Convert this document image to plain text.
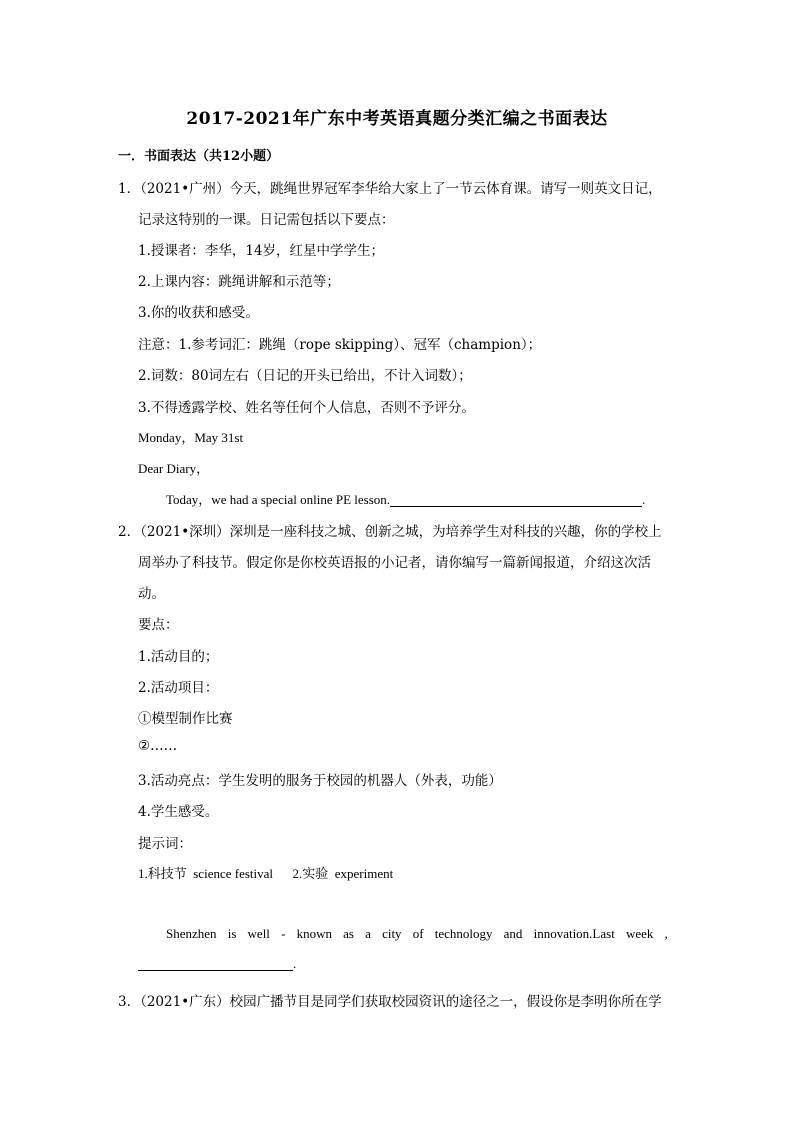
2017-2021年广东中考英语真题分类汇编之书面表达
一．书面表达（共12小题）
1．（2021•广州）今天，跳绳世界冠军李华给大家上了一节云体育课。请写一则英文日记，
记录这特别的一课。日记需包括以下要点：
1.授课者：李华，14岁，红星中学学生；
2.上课内容：跳绳讲解和示范等；
3.你的收获和感受。
注意：1.参考词汇：跳绳（rope skipping）、冠军（champion）；
2.词数：80词左右（日记的开头已给出，不计入词数）；
3.不得透露学校、姓名等任何个人信息，否则不予评分。
Monday，May 31st
Dear Diary，
Today，we had a special online PE lesson.	.
2．（2021•深圳）深圳是一座科技之城、创新之城，为培养学生对科技的兴趣，你的学校上
周举办了科技节。假定你是你校英语报的小记者，请你编写一篇新闻报道，介绍这次活
动。
要点：
1.活动目的；
2.活动项目：
①模型制作比赛
②……
3.活动亮点：学生发明的服务于校园的机器人（外表，功能）
4.学生感受。
提示词：
1.科技节  science festival      2.实验  experiment
Shenzhen is well - known as a city of technology and innovation.Last week ,
.
3．（2021•广东）校园广播节目是同学们获取校园资讯的途径之一，假设你是李明你所在学
